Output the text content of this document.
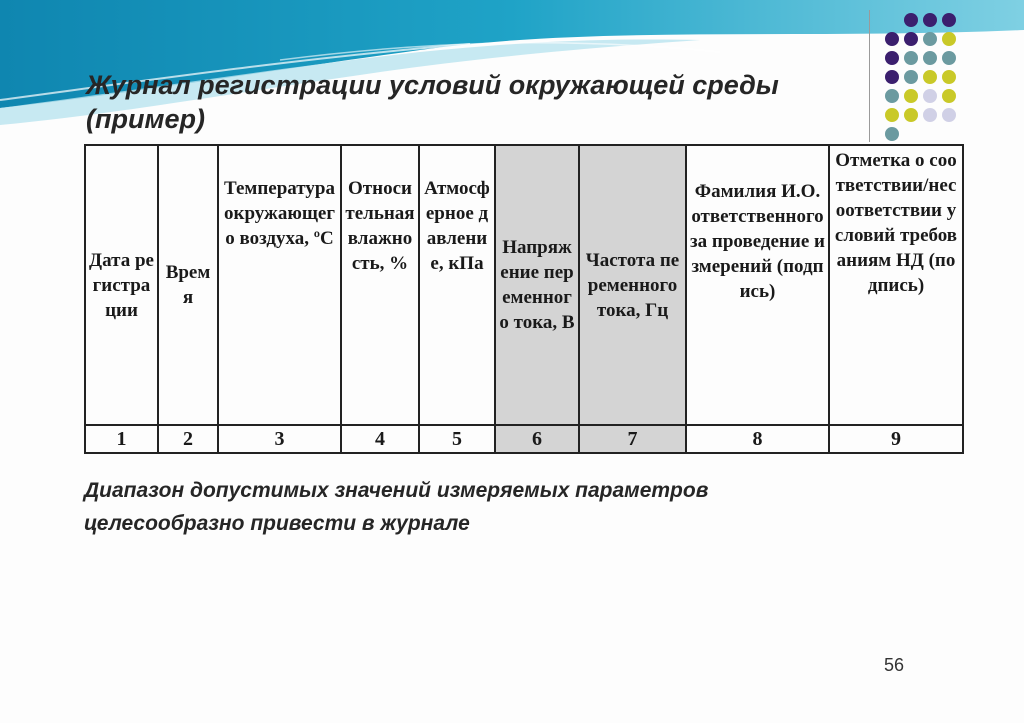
Журнал регистрации условий окружающей среды (пример)
Дата регистрации	Время	Температура окружающего воздуха, ºС	Относительная влажность, %	Атмосферное давление, кПа	Напряжение переменного тока, В	Частота переменного тока, Гц	Фамилия И.О. ответственного за проведение измерений (подпись)	Отметка о соответствии/несоответствии условий требованиям НД (подпись)
1	2	3	4	5	6	7	8	9
Диапазон допустимых значений измеряемых параметров целесообразно привести в журнале
56
